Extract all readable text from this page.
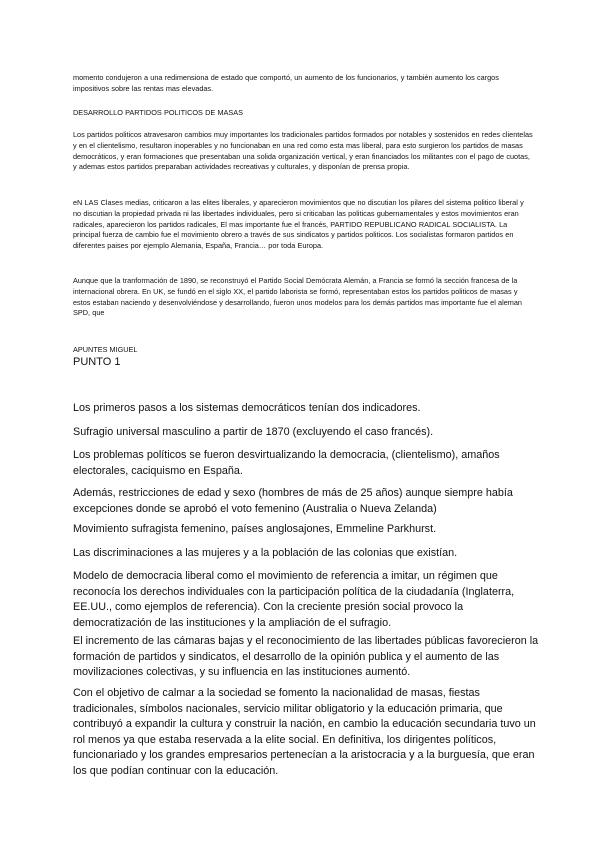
momento condujeron a una redimensiona de estado que comportó, un aumento de los funcionarios, y también aumento los cargos impositivos sobre las rentas mas elevadas.

DESARROLLO PARTIDOS POLITICOS DE MASAS

Los partidos politicos atravesaron cambios muy importantes los tradicionales partidos formados por notables y sostenidos en redes clientelas y en el clientelismo, resultaron inoperables y no funcionaban en una red como esta mas liberal, para esto surgieron los partidos de masas democráticos, y eran formaciones que presentaban una solida organización vertical, y eran financiados los militantes con el pago de cuotas, y ademas estos partidos preparaban actividades recreativas y culturales, y disponían de prensa propia.

eN LAS Clases medias, criticaron a las elites liberales, y aparecieron movimientos que no discutian los pilares del sistema politico liberal y no discutian la propiedad privada ni las libertades individuales, pero si criticaban las politicas gubernamentales y estos movimientos eran radicales, aparecieron los partidos radicales, El mas importante fue el francés, PARTIDO REPUBLICANO RADICAL SOCIALISTA. La principal fuerza de cambio fue el movimiento obrero a través de sus sindicatos y partidos politicos. Los socialistas formaron partidos en diferentes paises por ejemplo Alemania, España, Francia… por toda Europa.

Aunque que la tranformación de 1890, se reconstruyó el Partido Social Demócrata Alemán, a Francia se formó la sección francesa de la internacional obrera. En UK, se fundó en el siglo XX, el partido laborista se formó, representaban estos los partidos politicos de masas y estos estaban naciendo y desenvolviéndose y desarrollando, fueron unos modelos para los demás partidos mas importante fue el aleman SPD, que

APUNTES MIGUEL
PUNTO 1

Los primeros pasos a los sistemas democráticos tenían dos indicadores.

Sufragio universal masculino a partir de 1870 (excluyendo el caso francés).

Los problemas políticos se fueron desvirtualizando la democracia, (clientelismo), amaños electorales, caciquismo en España.

Además, restricciones de edad y sexo (hombres de más de 25 años) aunque siempre había excepciones donde se aprobó el voto femenino (Australia o Nueva Zelanda)

Movimiento sufragista femenino, países anglosajones, Emmeline Parkhurst.

Las discriminaciones a las mujeres y a la población de las colonias que existían.

Modelo de democracia liberal como el movimiento de referencia a imitar, un régimen que reconocía los derechos individuales con la participación política de la ciudadanía (Inglaterra, EE.UU., como ejemplos de referencia). Con la creciente presión social provoco la democratización de las instituciones y la ampliación de el sufragio.

El incremento de las cámaras bajas y el reconocimiento de las libertades públicas favorecieron la formación de partidos y sindicatos, el desarrollo de la opinión publica y el aumento de las movilizaciones colectivas, y su influencia en las instituciones aumentó.

Con el objetivo de calmar a la sociedad se fomento la nacionalidad de masas, fiestas tradicionales, símbolos nacionales, servicio militar obligatorio y la educación primaria, que contribuyó a expandir la cultura y construir la nación, en cambio la educación secundaria tuvo un rol menos ya que estaba reservada a la elite social. En definitiva, los dirigentes políticos, funcionariado y los grandes empresarios pertenecían a la aristocracia y a la burguesía, que eran los que podían continuar con la educación.
